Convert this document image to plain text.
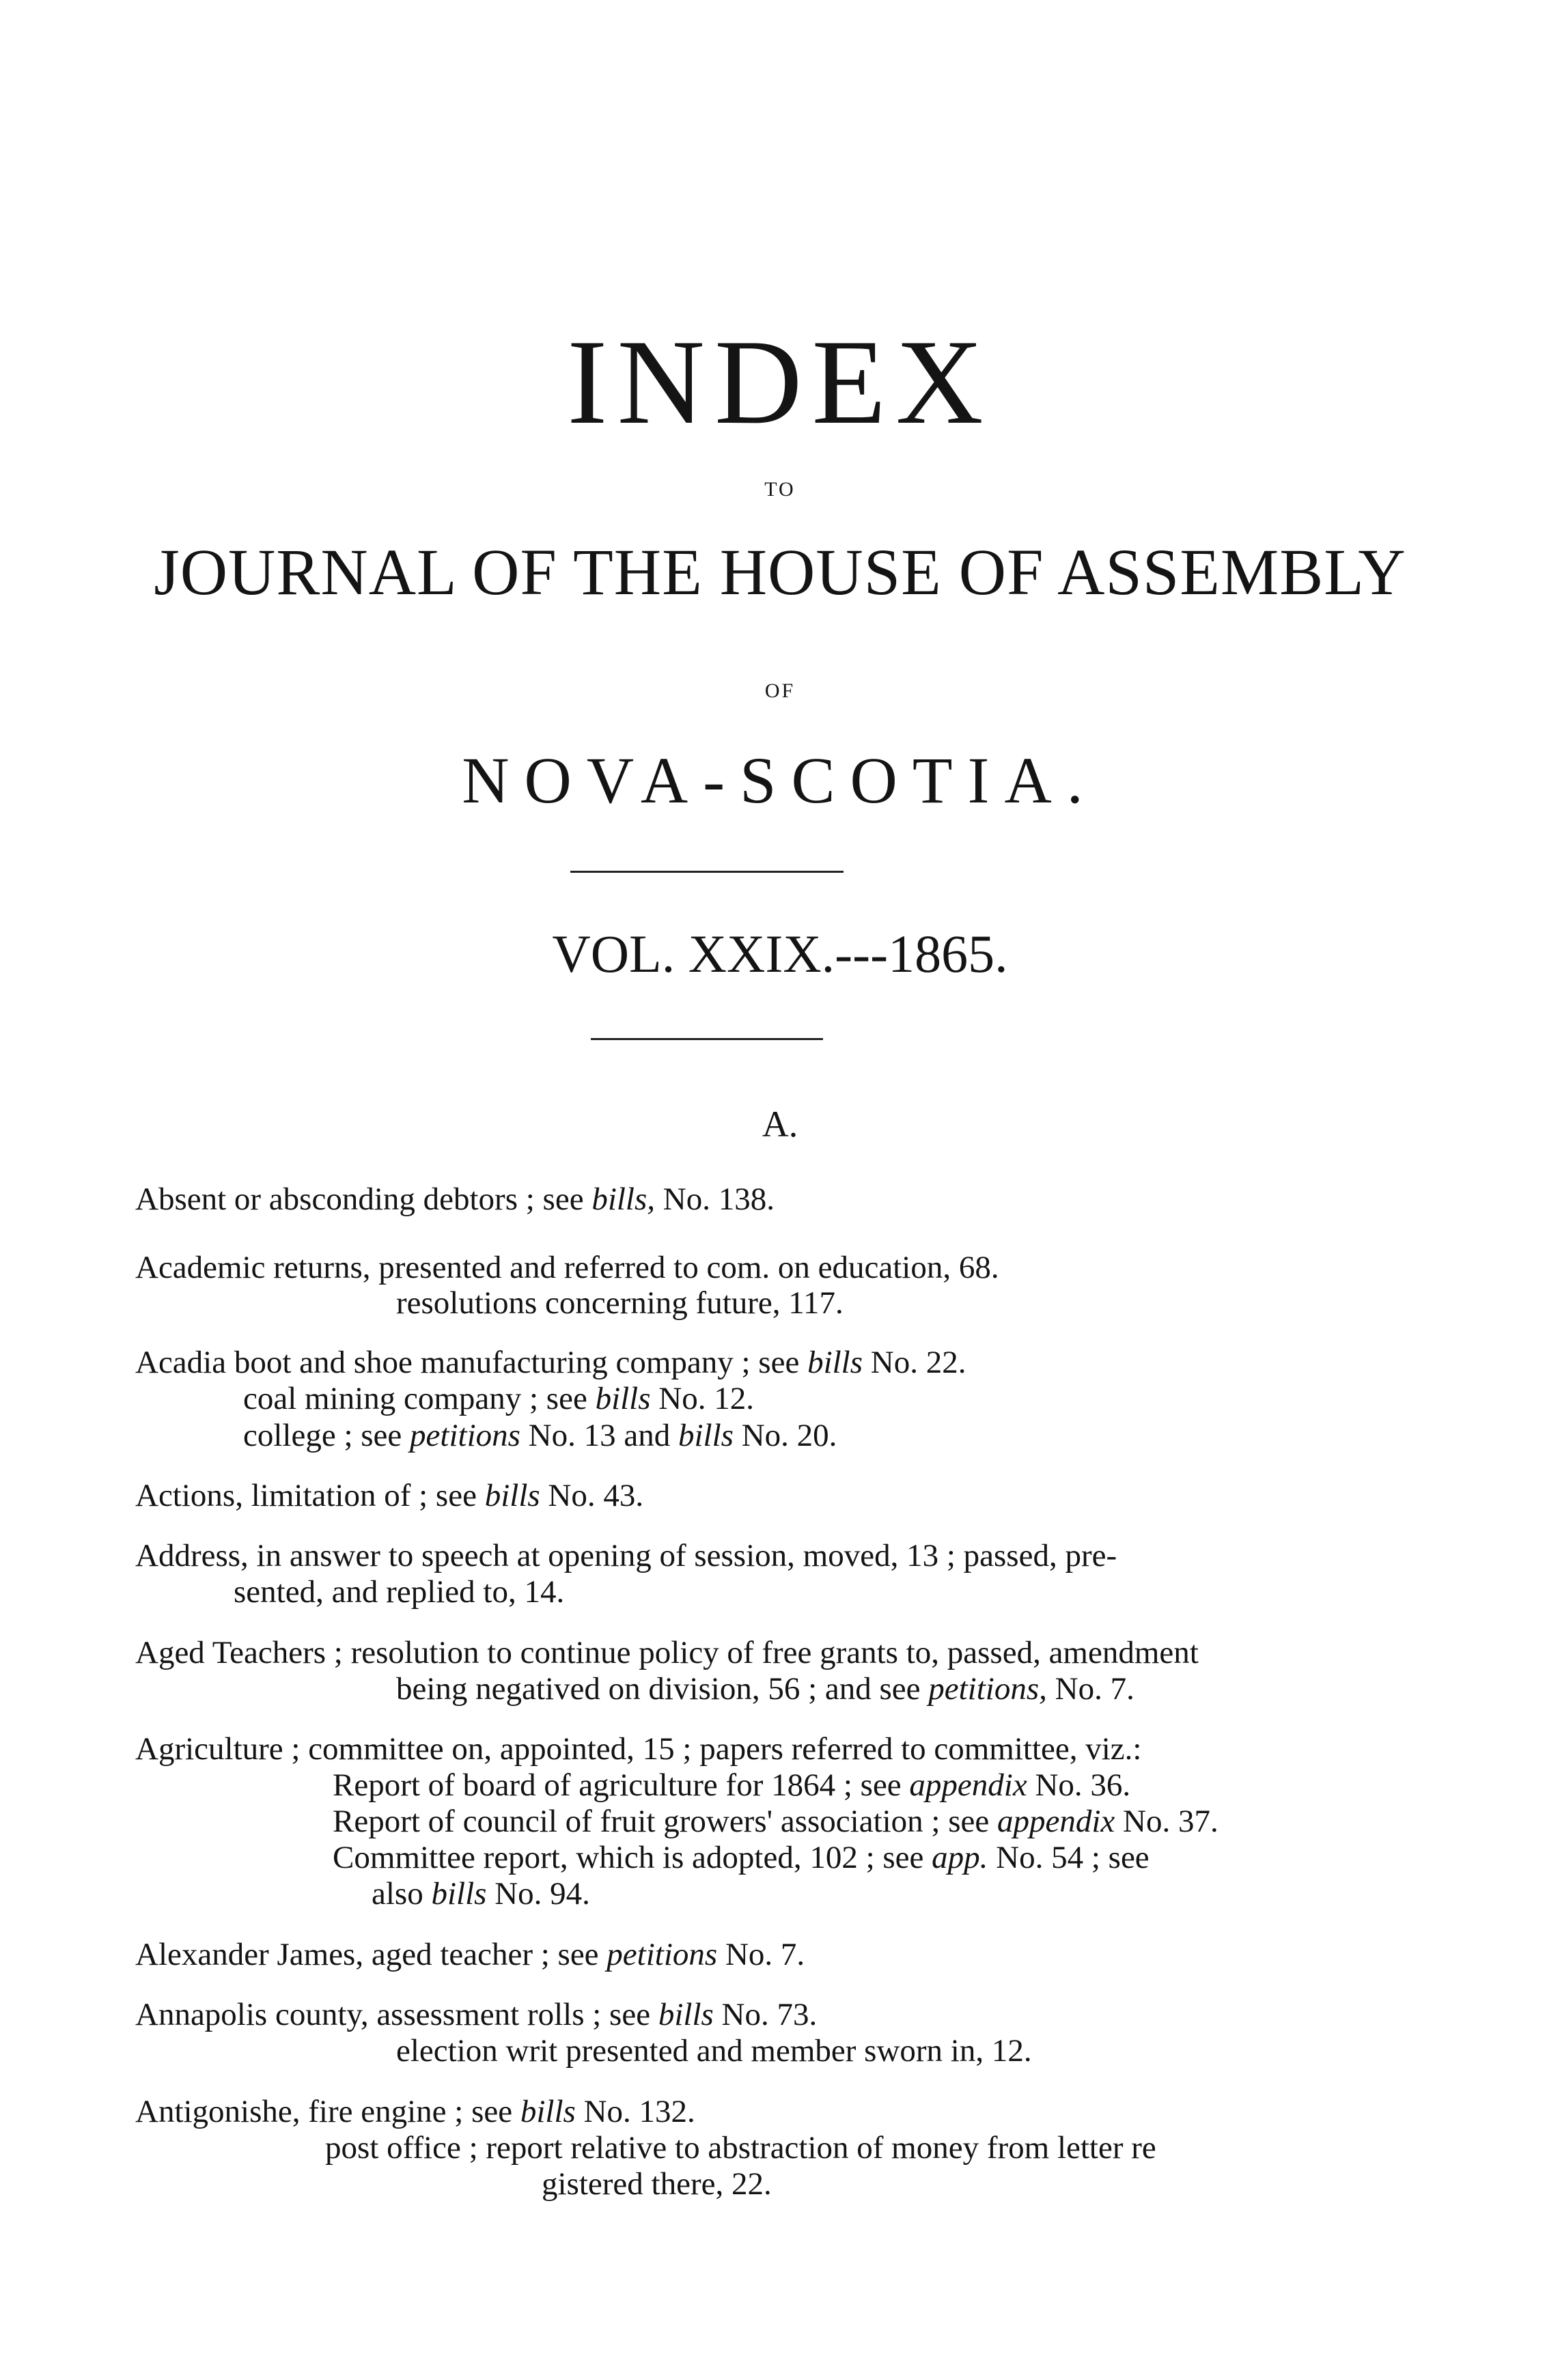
INDEX
TO
JOURNAL OF THE HOUSE OF ASSEMBLY
OF
NOVA-SCOTIA.
VOL. XXIX.---1865.
A.
Absent or absconding debtors ; see bills, No. 138.
Academic returns, presented and referred to com. on education, 68.
resolutions concerning future, 117.
Acadia boot and shoe manufacturing company ; see bills No. 22.
coal mining company ; see bills No. 12.
college ; see petitions No. 13 and bills No. 20.
Actions, limitation of ; see bills No. 43.
Address, in answer to speech at opening of session, moved, 13 ; passed, pre-
sented, and replied to, 14.
Aged Teachers ; resolution to continue policy of free grants to, passed, amendment
being negatived on division, 56 ; and see petitions, No. 7.
Agriculture ; committee on, appointed, 15 ; papers referred to committee, viz.:
Report of board of agriculture for 1864 ; see appendix No. 36.
Report of council of fruit growers' association ; see appendix No. 37.
Committee report, which is adopted, 102 ; see app. No. 54 ; see
also bills No. 94.
Alexander James, aged teacher ; see petitions No. 7.
Annapolis county, assessment rolls ; see bills No. 73.
election writ presented and member sworn in, 12.
Antigonishe, fire engine ; see bills No. 132.
post office ; report relative to abstraction of money from letter re
gistered there, 22.
